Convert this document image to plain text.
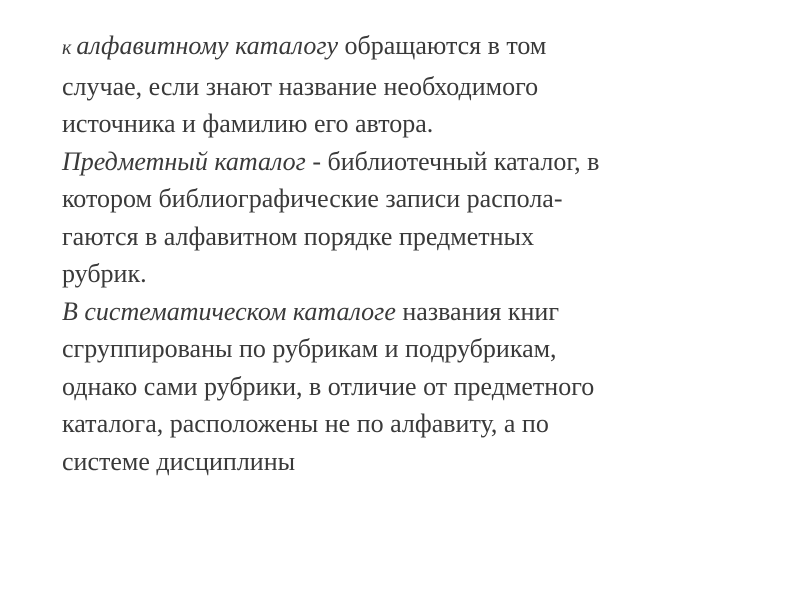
к алфавитному каталогу обращаются в том
случае, если знают название необходимого
источника и фамилию его автора.

Предметный каталог - библиотечный каталог, в
котором библиографические записи распола-
гаются в алфавитном порядке предметных
рубрик.

В систематическом каталоге названия книг
сгруппированы по рубрикам и подрубрикам,
однако сами рубрики, в отличие от предметного
каталога, расположены не по алфавиту, а по
системе дисциплины
